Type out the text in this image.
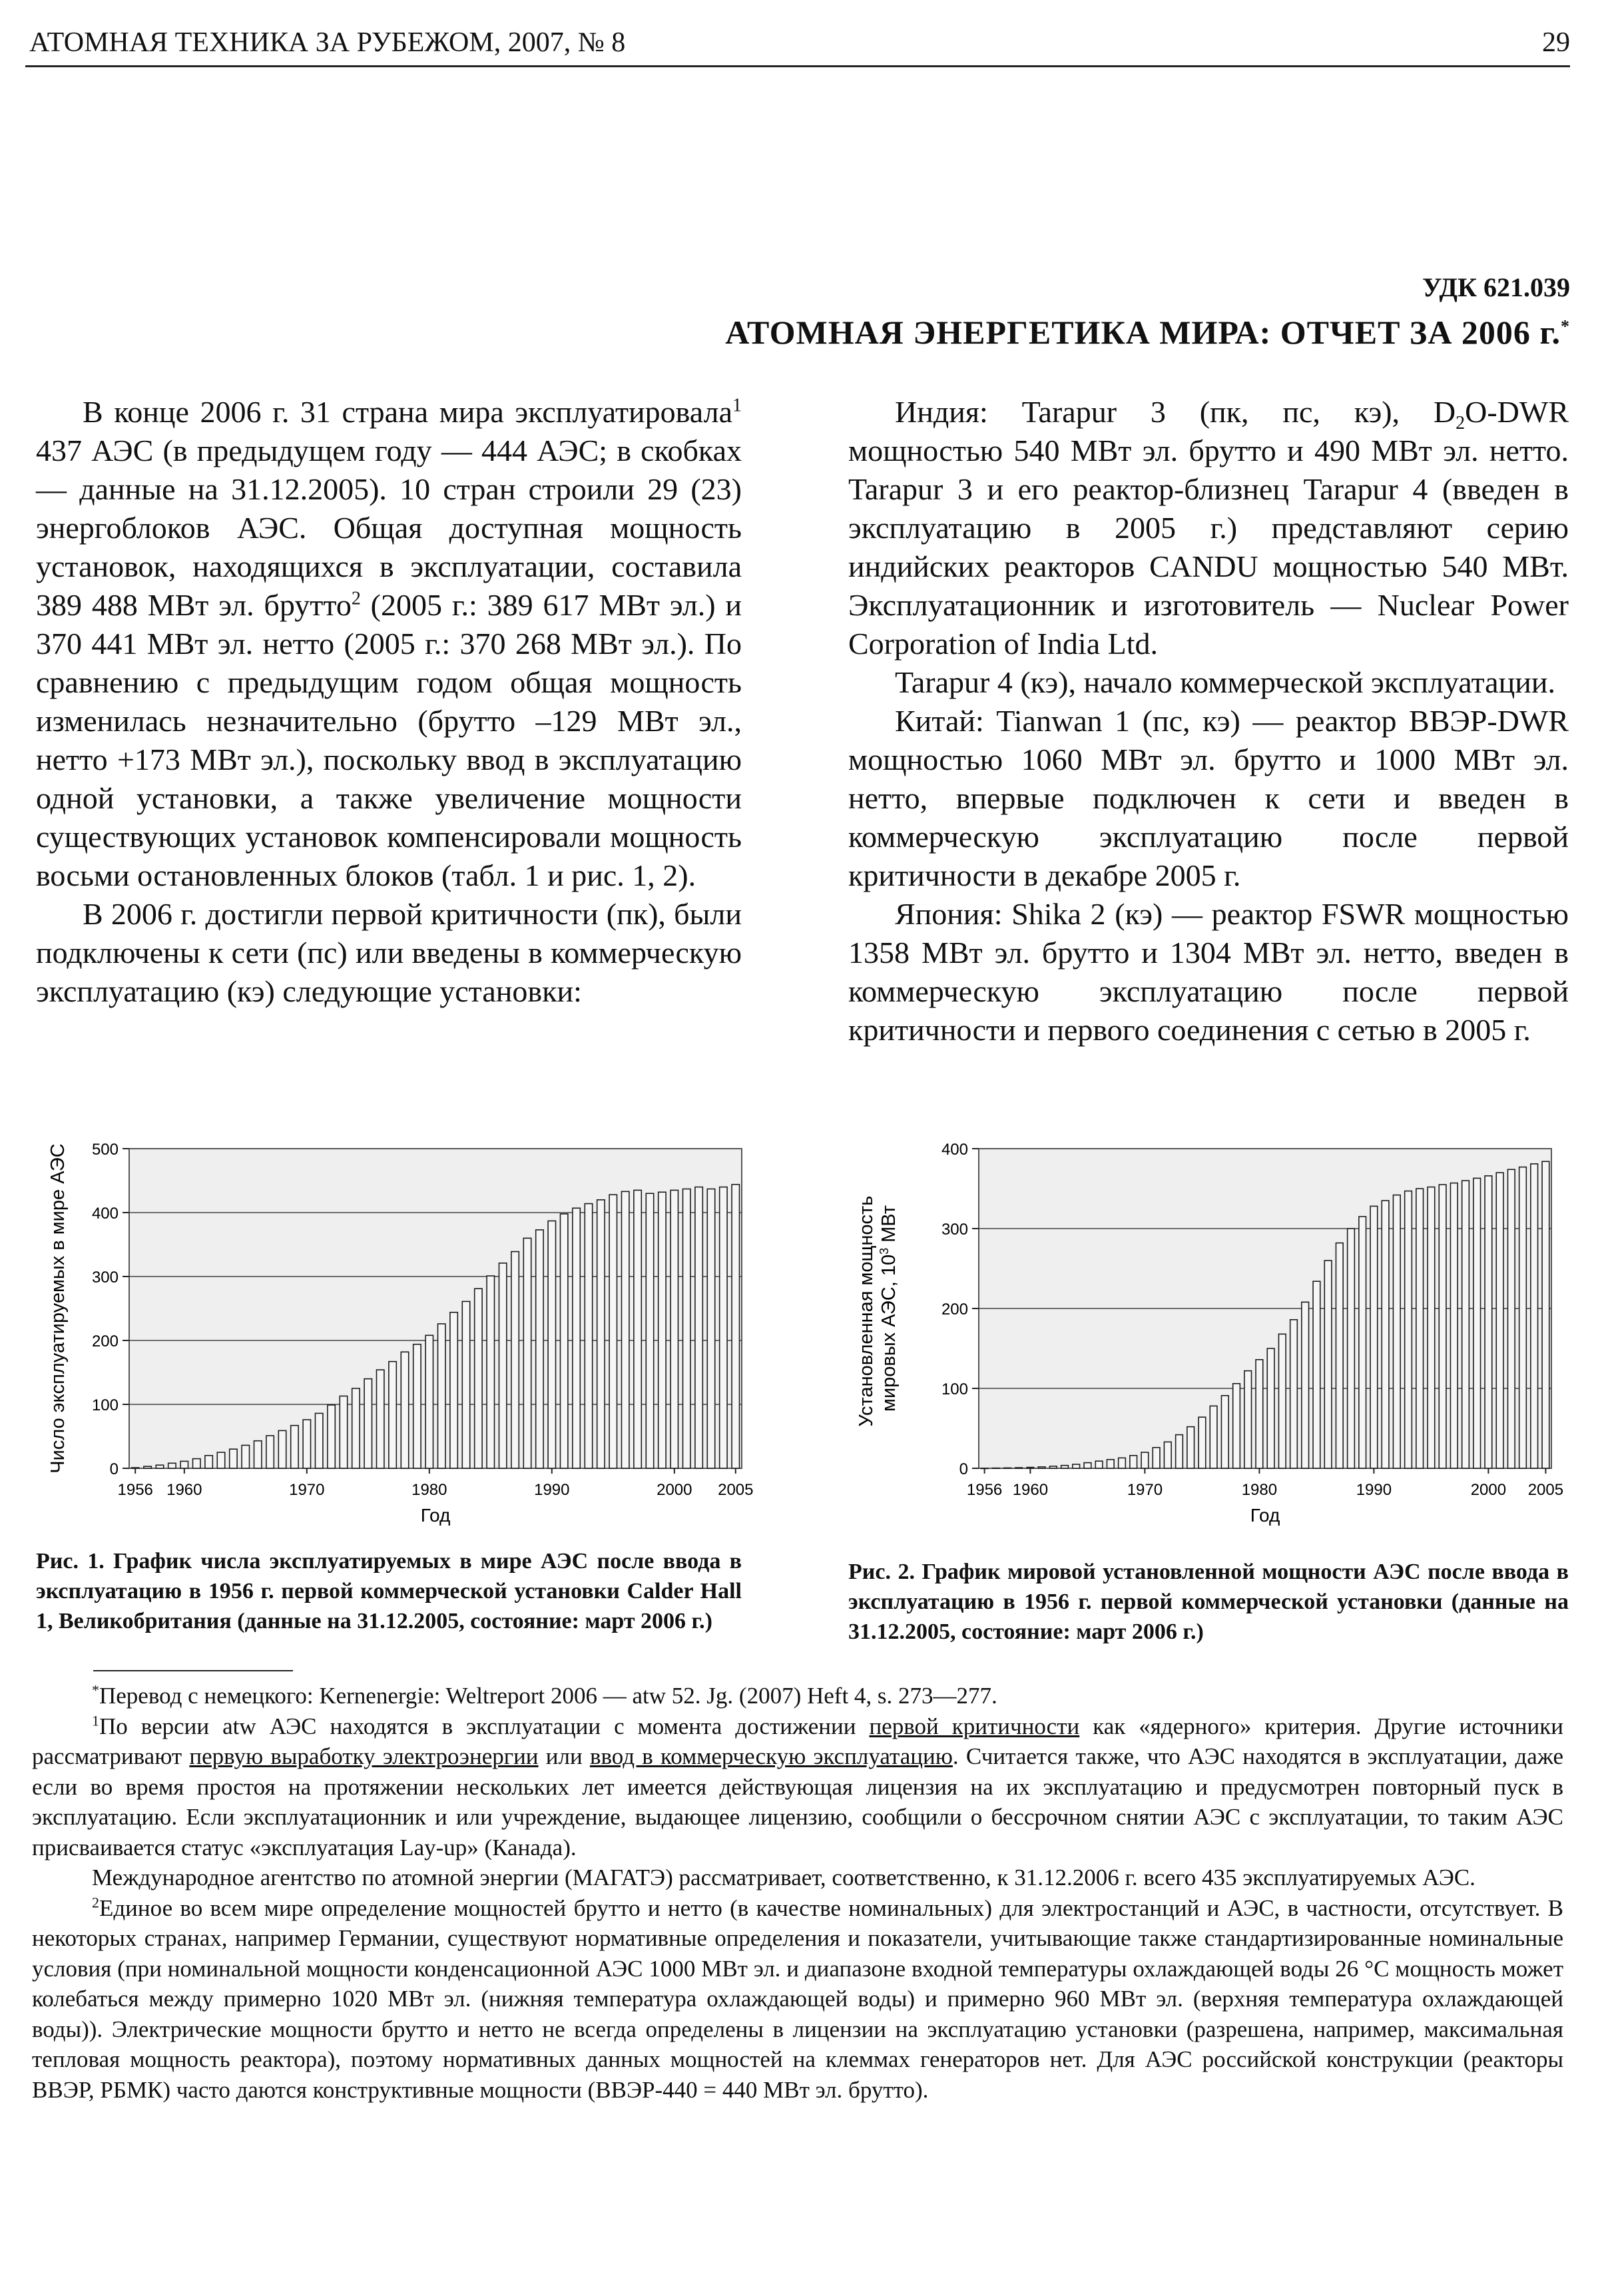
АТОМНАЯ ТЕХНИКА ЗА РУБЕЖОМ, 2007, № 8	29
УДК 621.039
АТОМНАЯ ЭНЕРГЕТИКА МИРА: ОТЧЕТ ЗА 2006 г.*

В конце 2006 г. 31 страна мира эксплуатировала$^1$ 437 АЭС (в предыдущем году — 444 АЭС; в скобках — данные на 31.12.2005). 10 стран строили 29 (23) энергоблоков АЭС. Общая доступная мощность установок, находящихся в эксплуатации, составила 389 488 МВт эл. брутто$^2$ (2005 г.: 389 617 МВт эл.) и 370 441 МВт эл. нетто (2005 г.: 370 268 МВт эл.). По сравнению с предыдущим годом общая мощность изменилась незначительно (брутто –129 МВт эл., нетто +173 МВт эл.), поскольку ввод в эксплуатацию одной установки, а также увеличение мощности существующих установок компенсировали мощность восьми остановленных блоков (табл. 1 и рис. 1, 2).

В 2006 г. достигли первой критичности (пк), были подключены к сети (пс) или введены в коммерческую эксплуатацию (кэ) следующие установки:

Индия: Tarapur 3 (пк, пс, кэ), $D_2O$-DWR мощностью 540 МВт эл. брутто и 490 МВт эл. нетто. Tarapur 3 и его реактор-близнец Tarapur 4 (введен в эксплуатацию в 2005 г.) представляют серию индийских реакторов CANDU мощностью 540 МВт. Эксплуатационник и изготовитель — Nuclear Power Corporation of India Ltd.

Tarapur 4 (кэ), начало коммерческой эксплуатации.

Китай: Tianwan 1 (пс, кэ) — реактор ВВЭР-DWR мощностью 1060 МВт эл. брутто и 1000 МВт эл. нетто, впервые подключен к сети и введен в коммерческую эксплуатацию после первой критичности в декабре 2005 г.

Япония: Shika 2 (кэ) — реактор FSWR мощностью 1358 МВт эл. брутто и 1304 МВт эл. нетто, введен в коммерческую эксплуатацию после первой критичности и первого соединения с сетью в 2005 г.

0
100
200
300
400
500
1956 1960	1970	1980	1990	2000 2005
Число эксплуатируемых в мире АЭС
Год
0
100
200
300
400
1956 1960	1970	1980	1990	2000 2005
Установленная мощность мировых АЭС, $10^3$ МВт
Год
Рис. 1. График числа эксплуатируемых в мире АЭС после ввода в эксплуатацию в 1956 г. первой коммерческой установки Calder Hall 1, Великобритания (данные на 31.12.2005, состояние: март 2006 г.)
Рис. 2. График мировой установленной мощности АЭС после ввода в эксплуатацию в 1956 г. первой коммерческой установки (данные на 31.12.2005, состояние: март 2006 г.)

*Перевод с немецкого: Kernenergie: Weltreport 2006 — atw 52. Jg. (2007) Heft 4, s. 273—277.

$^1$По версии atw АЭС находятся в эксплуатации с момента достижении первой критичности как «ядерного» критерия. Другие источники рассматривают первую выработку электроэнергии или ввод в коммерческую эксплуатацию. Считается также, что АЭС находятся в эксплуатации, даже если во время простоя на протяжении нескольких лет имеется действующая лицензия на их эксплуатацию и предусмотрен повторный пуск в эксплуатацию. Если эксплуатационник и или учреждение, выдающее лицензию, сообщили о бессрочном снятии АЭС с эксплуатации, то таким АЭС присваивается статус «эксплуатация Lay-up» (Канада).

Международное агентство по атомной энергии (МАГАТЭ) рассматривает, соответственно, к 31.12.2006 г. всего 435 эксплуатируемых АЭС.

$^2$Единое во всем мире определение мощностей брутто и нетто (в качестве номинальных) для электростанций и АЭС, в частности, отсутствует. В некоторых странах, например Германии, существуют нормативные определения и показатели, учитывающие также стандартизированные номинальные условия (при номинальной мощности конденсационной АЭС 1000 МВт эл. и диапазоне входной температуры охлаждающей воды 26 °С мощность может колебаться между примерно 1020 МВт эл. (нижняя температура охлаждающей воды) и примерно 960 МВт эл. (верхняя температура охлаждающей воды)). Электрические мощности брутто и нетто не всегда определены в лицензии на эксплуатацию установки (разрешена, например, максимальная тепловая мощность реактора), поэтому нормативных данных мощностей на клеммах генераторов нет. Для АЭС российской конструкции (реакторы ВВЭР, РБМК) часто даются конструктивные мощности (ВВЭР-440 = 440 МВт эл. брутто).
